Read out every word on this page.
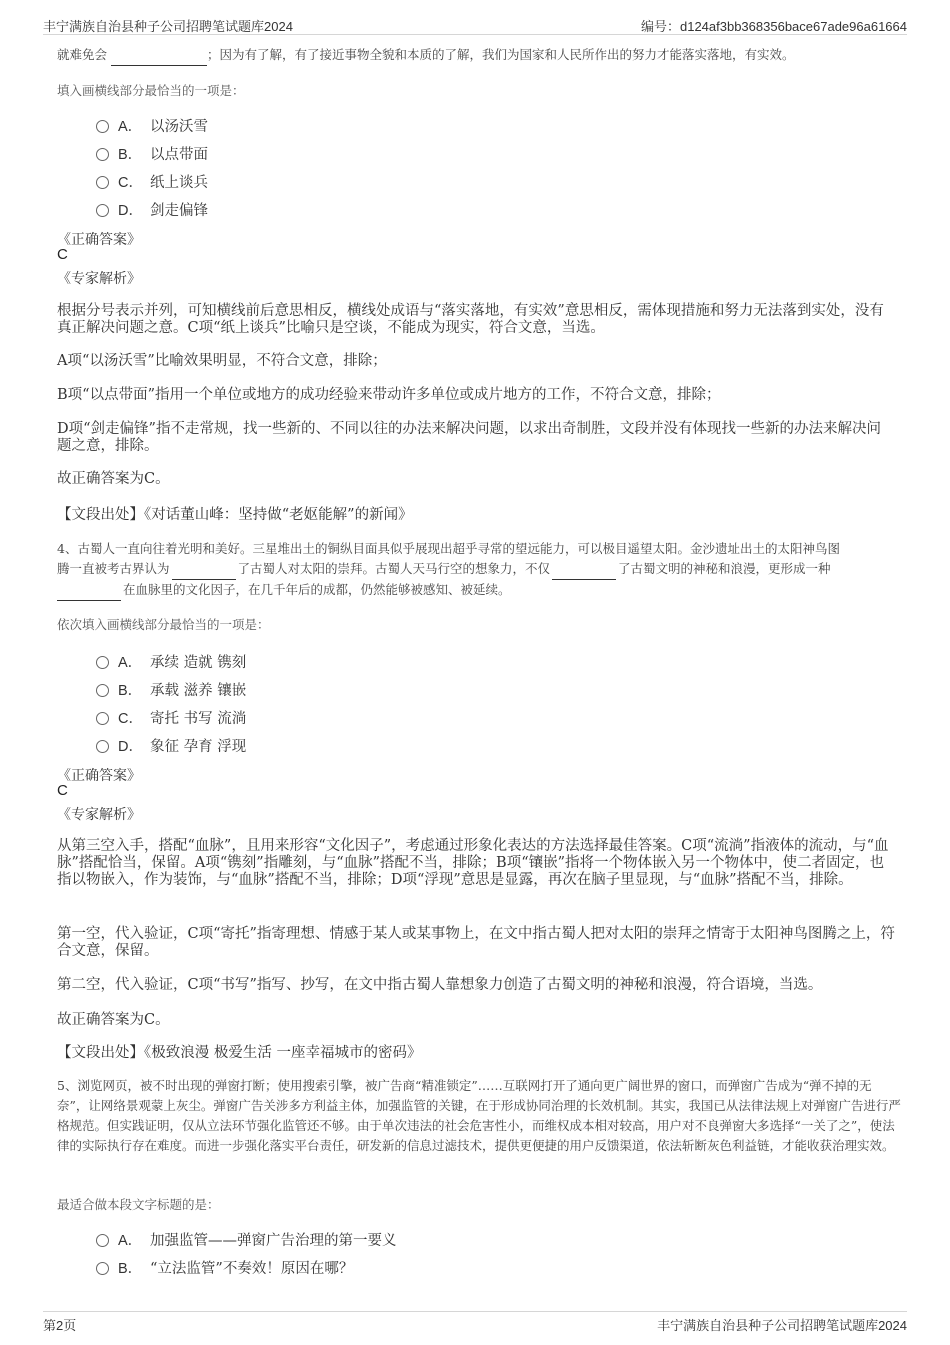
丰宁满族自治县种子公司招聘笔试题库2024	编号：d124af3bb368356bace67ade96a61664
就难免会	；因为有了解，有了接近事物全貌和本质的了解，我们为国家和人民所作出的努力才能落实落地，有实效。
填入画横线部分最恰当的一项是：
A． 以汤沃雪
B． 以点带面
C． 纸上谈兵
D． 剑走偏锋
《正确答案》
C
《专家解析》
根据分号表示并列，可知横线前后意思相反，横线处成语与“落实落地，有实效”意思相反，需体现措施和努力无法落到实处，没有真正解决问题之意。C项“纸上谈兵”比喻只是空谈，不能成为现实，符合文意，当选。
A项“以汤沃雪”比喻效果明显，不符合文意，排除；
B项“以点带面”指用一个单位或地方的成功经验来带动许多单位或成片地方的工作，不符合文意，排除；
D项“剑走偏锋”指不走常规，找一些新的、不同以往的办法来解决问题，以求出奇制胜，文段并没有体现找一些新的办法来解决问题之意，排除。
故正确答案为C。
【文段出处】《对话董山峰：坚持做“老妪能解”的新闻》
4、古蜀人一直向往着光明和美好。三星堆出土的铜纵目面具似乎展现出超乎寻常的望远能力，可以极目遥望太阳。金沙遗址出土的太阳神鸟图
腾一直被考古界认为	了古蜀人对太阳的崇拜。古蜀人天马行空的想象力，不仅	了古蜀文明的神秘和浪漫，更形成一种
在血脉里的文化因子，在几千年后的成都，仍然能够被感知、被延续。
依次填入画横线部分最恰当的一项是：
A． 承续 造就 镌刻
B． 承载 滋养 镶嵌
C． 寄托 书写 流淌
D． 象征 孕育 浮现
《正确答案》
C
《专家解析》
从第三空入手，搭配“血脉”，且用来形容“文化因子”，考虑通过形象化表达的方法选择最佳答案。C项“流淌”指液体的流动，与“血脉”搭配恰当，保留。A项“镌刻”指雕刻，与“血脉”搭配不当，排除；B项“镶嵌”指将一个物体嵌入另一个物体中，使二者固定，也指以物嵌入，作为装饰，与“血脉”搭配不当，排除；D项“浮现”意思是显露，再次在脑子里显现，与“血脉”搭配不当，排除。
第一空，代入验证，C项“寄托”指寄理想、情感于某人或某事物上，在文中指古蜀人把对太阳的崇拜之情寄于太阳神鸟图腾之上，符合文意，保留。
第二空，代入验证，C项“书写”指写、抄写，在文中指古蜀人靠想象力创造了古蜀文明的神秘和浪漫，符合语境，当选。
故正确答案为C。
【文段出处】《极致浪漫 极爱生活 一座幸福城市的密码》
5、浏览网页，被不时出现的弹窗打断；使用搜索引擎，被广告商“精准锁定”……互联网打开了通向更广阔世界的窗口，而弹窗广告成为“弹不掉的无奈”，让网络景观蒙上灰尘。弹窗广告关涉多方利益主体，加强监管的关键，在于形成协同治理的长效机制。其实，我国已从法律法规上对弹窗广告进行严格规范。但实践证明，仅从立法环节强化监管还不够。由于单次违法的社会危害性小，而维权成本相对较高，用户对不良弹窗大多选择“一关了之”，使法律的实际执行存在难度。而进一步强化落实平台责任，研发新的信息过滤技术，提供更便捷的用户反馈渠道，依法斩断灰色利益链，才能收获治理实效。
最适合做本段文字标题的是：
A． 加强监管——弹窗广告治理的第一要义
B． “立法监管”不奏效！原因在哪？
第2页	丰宁满族自治县种子公司招聘笔试题库2024
